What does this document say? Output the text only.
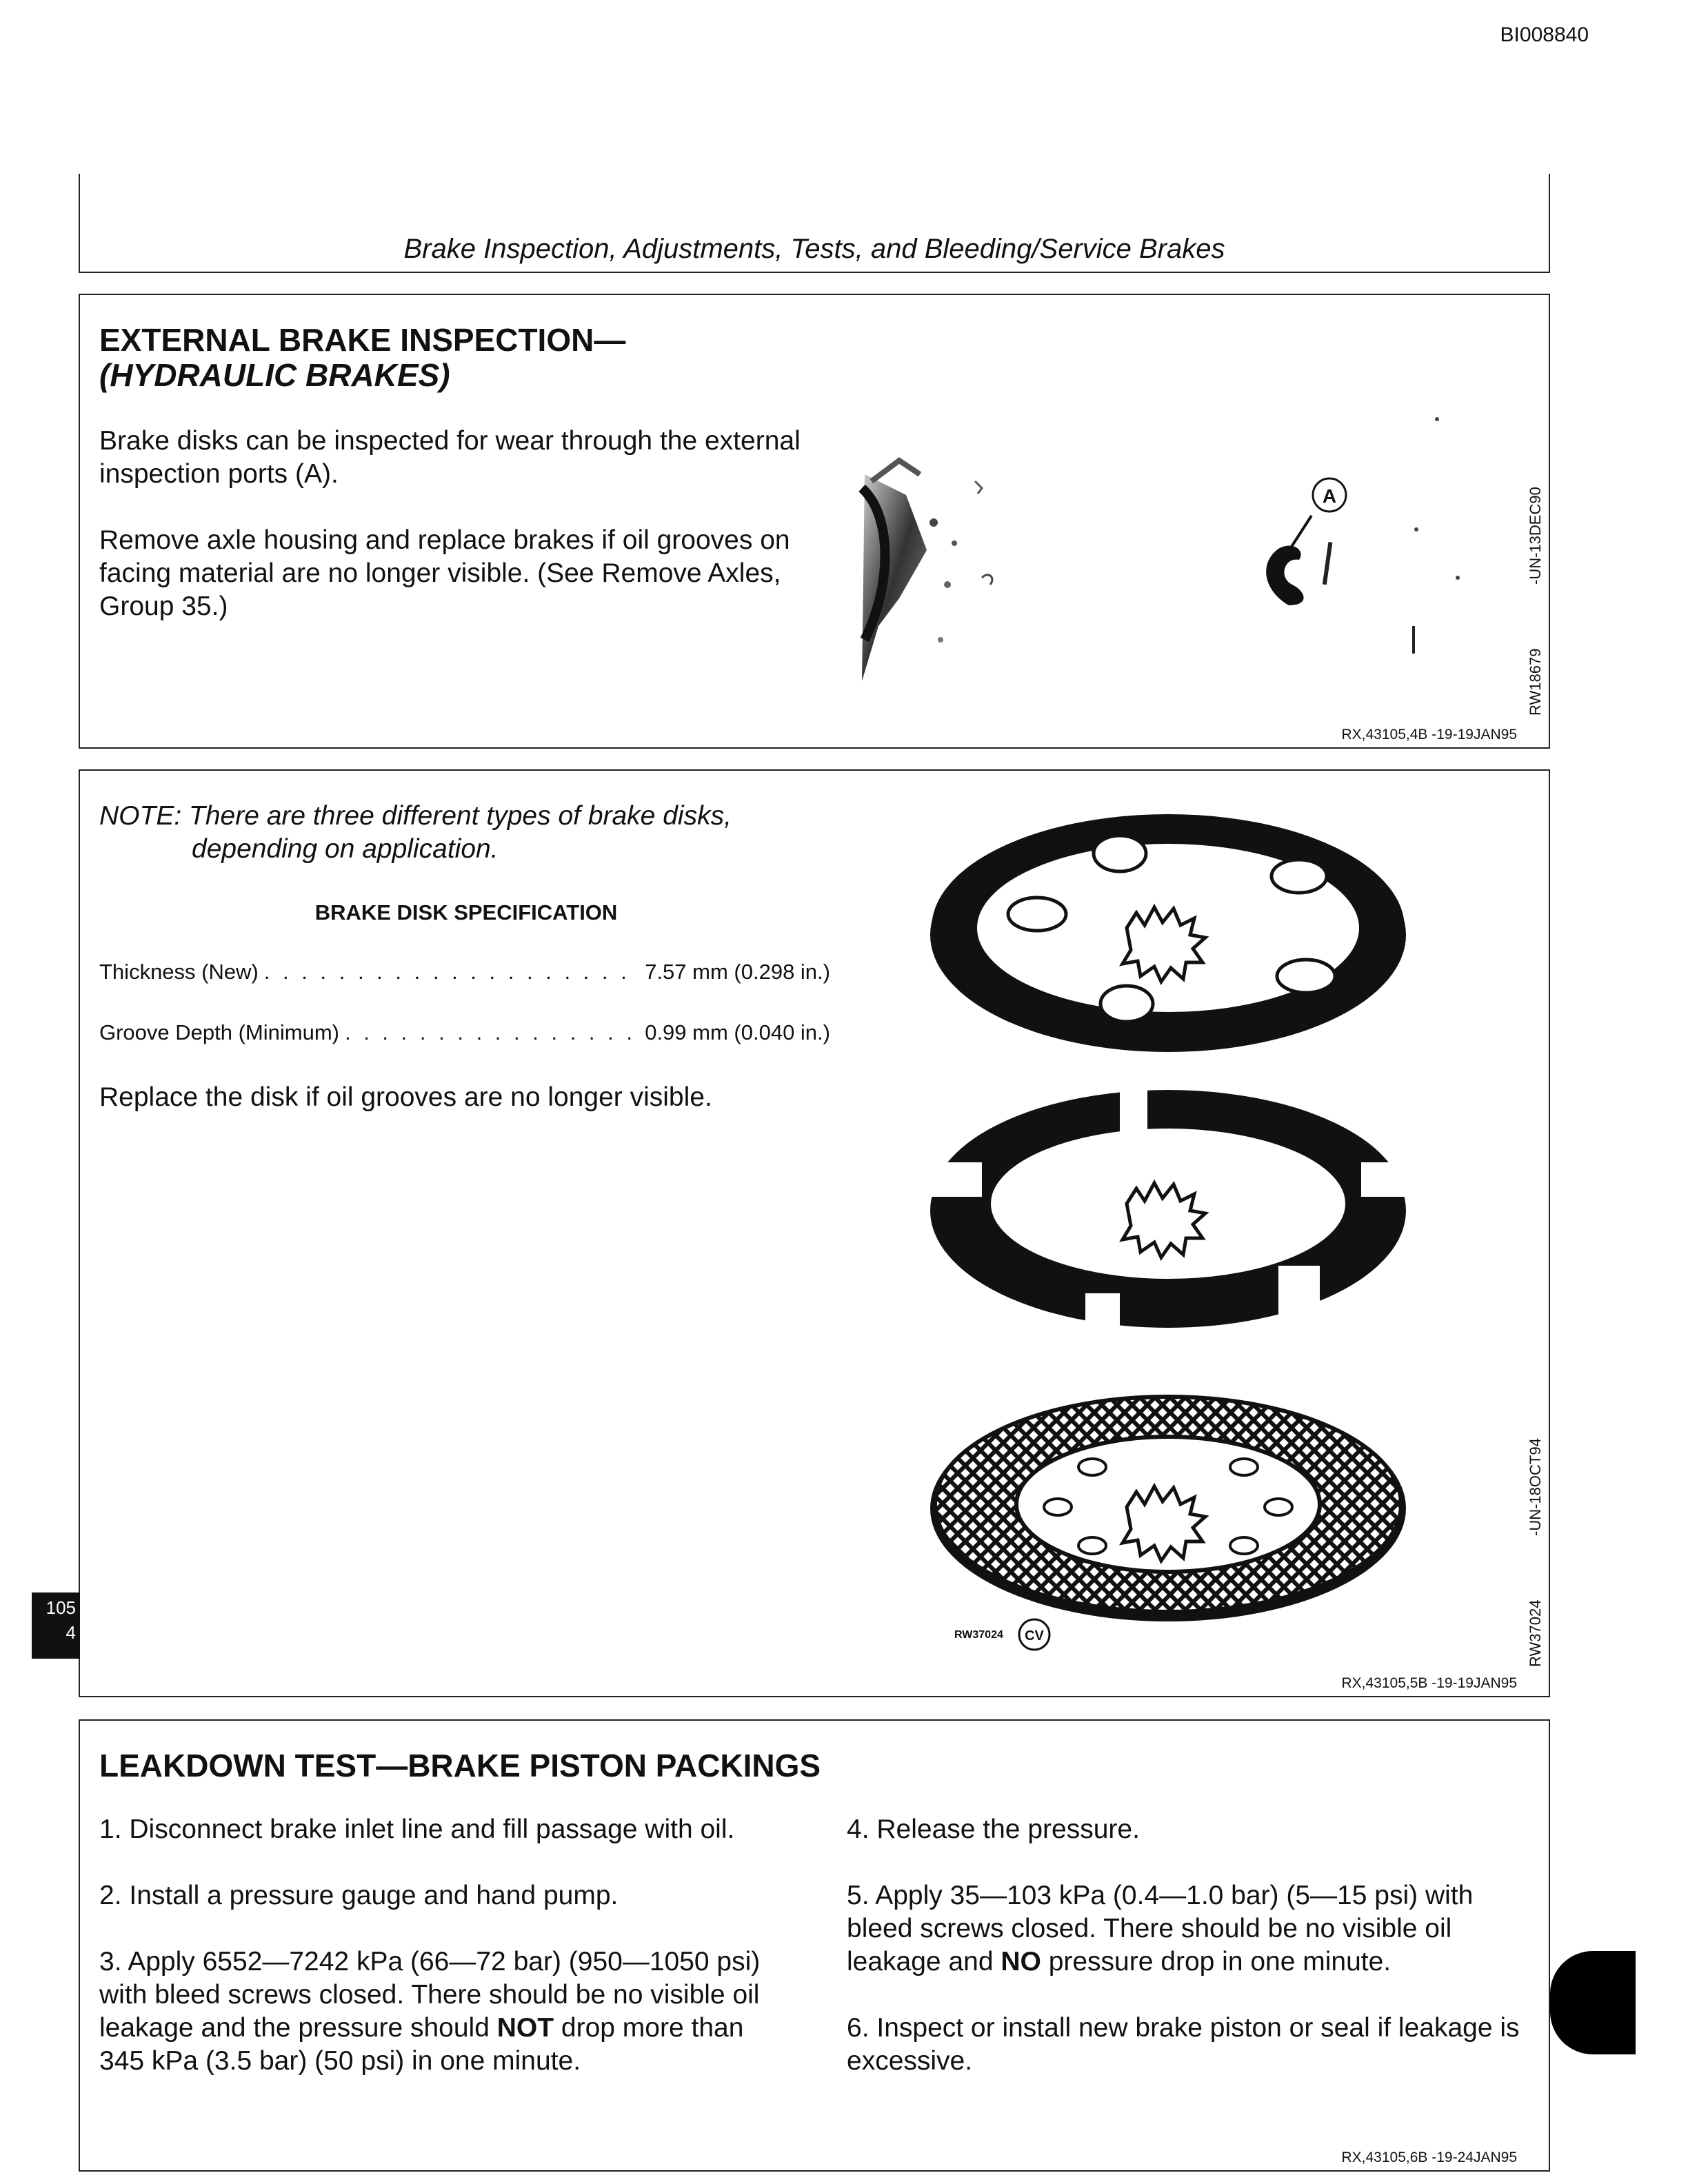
BI008840
Brake Inspection, Adjustments, Tests, and Bleeding/Service Brakes
EXTERNAL BRAKE INSPECTION—
(HYDRAULIC BRAKES)
Brake disks can be inspected for wear through the external inspection ports (A).
Remove axle housing and replace brakes if oil grooves on facing material are no longer visible. (See Remove Axles, Group 35.)
A	-UN-13DEC90
RW18679
RX,43105,4B -19-19JAN95
NOTE: There are three different types of brake disks,
depending on application.
BRAKE DISK SPECIFICATION
Thickness (New) . . .	7.57 mm (0.298 in.)
Groove Depth (Minimum) . . .	0.99 mm (0.040 in.)
Replace the disk if oil grooves are no longer visible.
RW37024 CV
-UN-18OCT94
RW37024
RX,43105,5B -19-19JAN95
LEAKDOWN TEST—BRAKE PISTON PACKINGS
1. Disconnect brake inlet line and fill passage with oil.
2. Install a pressure gauge and hand pump.
3. Apply 6552—7242 kPa (66—72 bar) (950—1050 psi) with bleed screws closed. There should be no visible oil leakage and the pressure should NOT drop more than 345 kPa (3.5 bar) (50 psi) in one minute.
4. Release the pressure.
5. Apply 35—103 kPa (0.4—1.0 bar) (5—15 psi) with bleed screws closed. There should be no visible oil leakage and NO pressure drop in one minute.
6. Inspect or install new brake piston or seal if leakage is excessive.
RX,43105,6B -19-24JAN95
105
4
